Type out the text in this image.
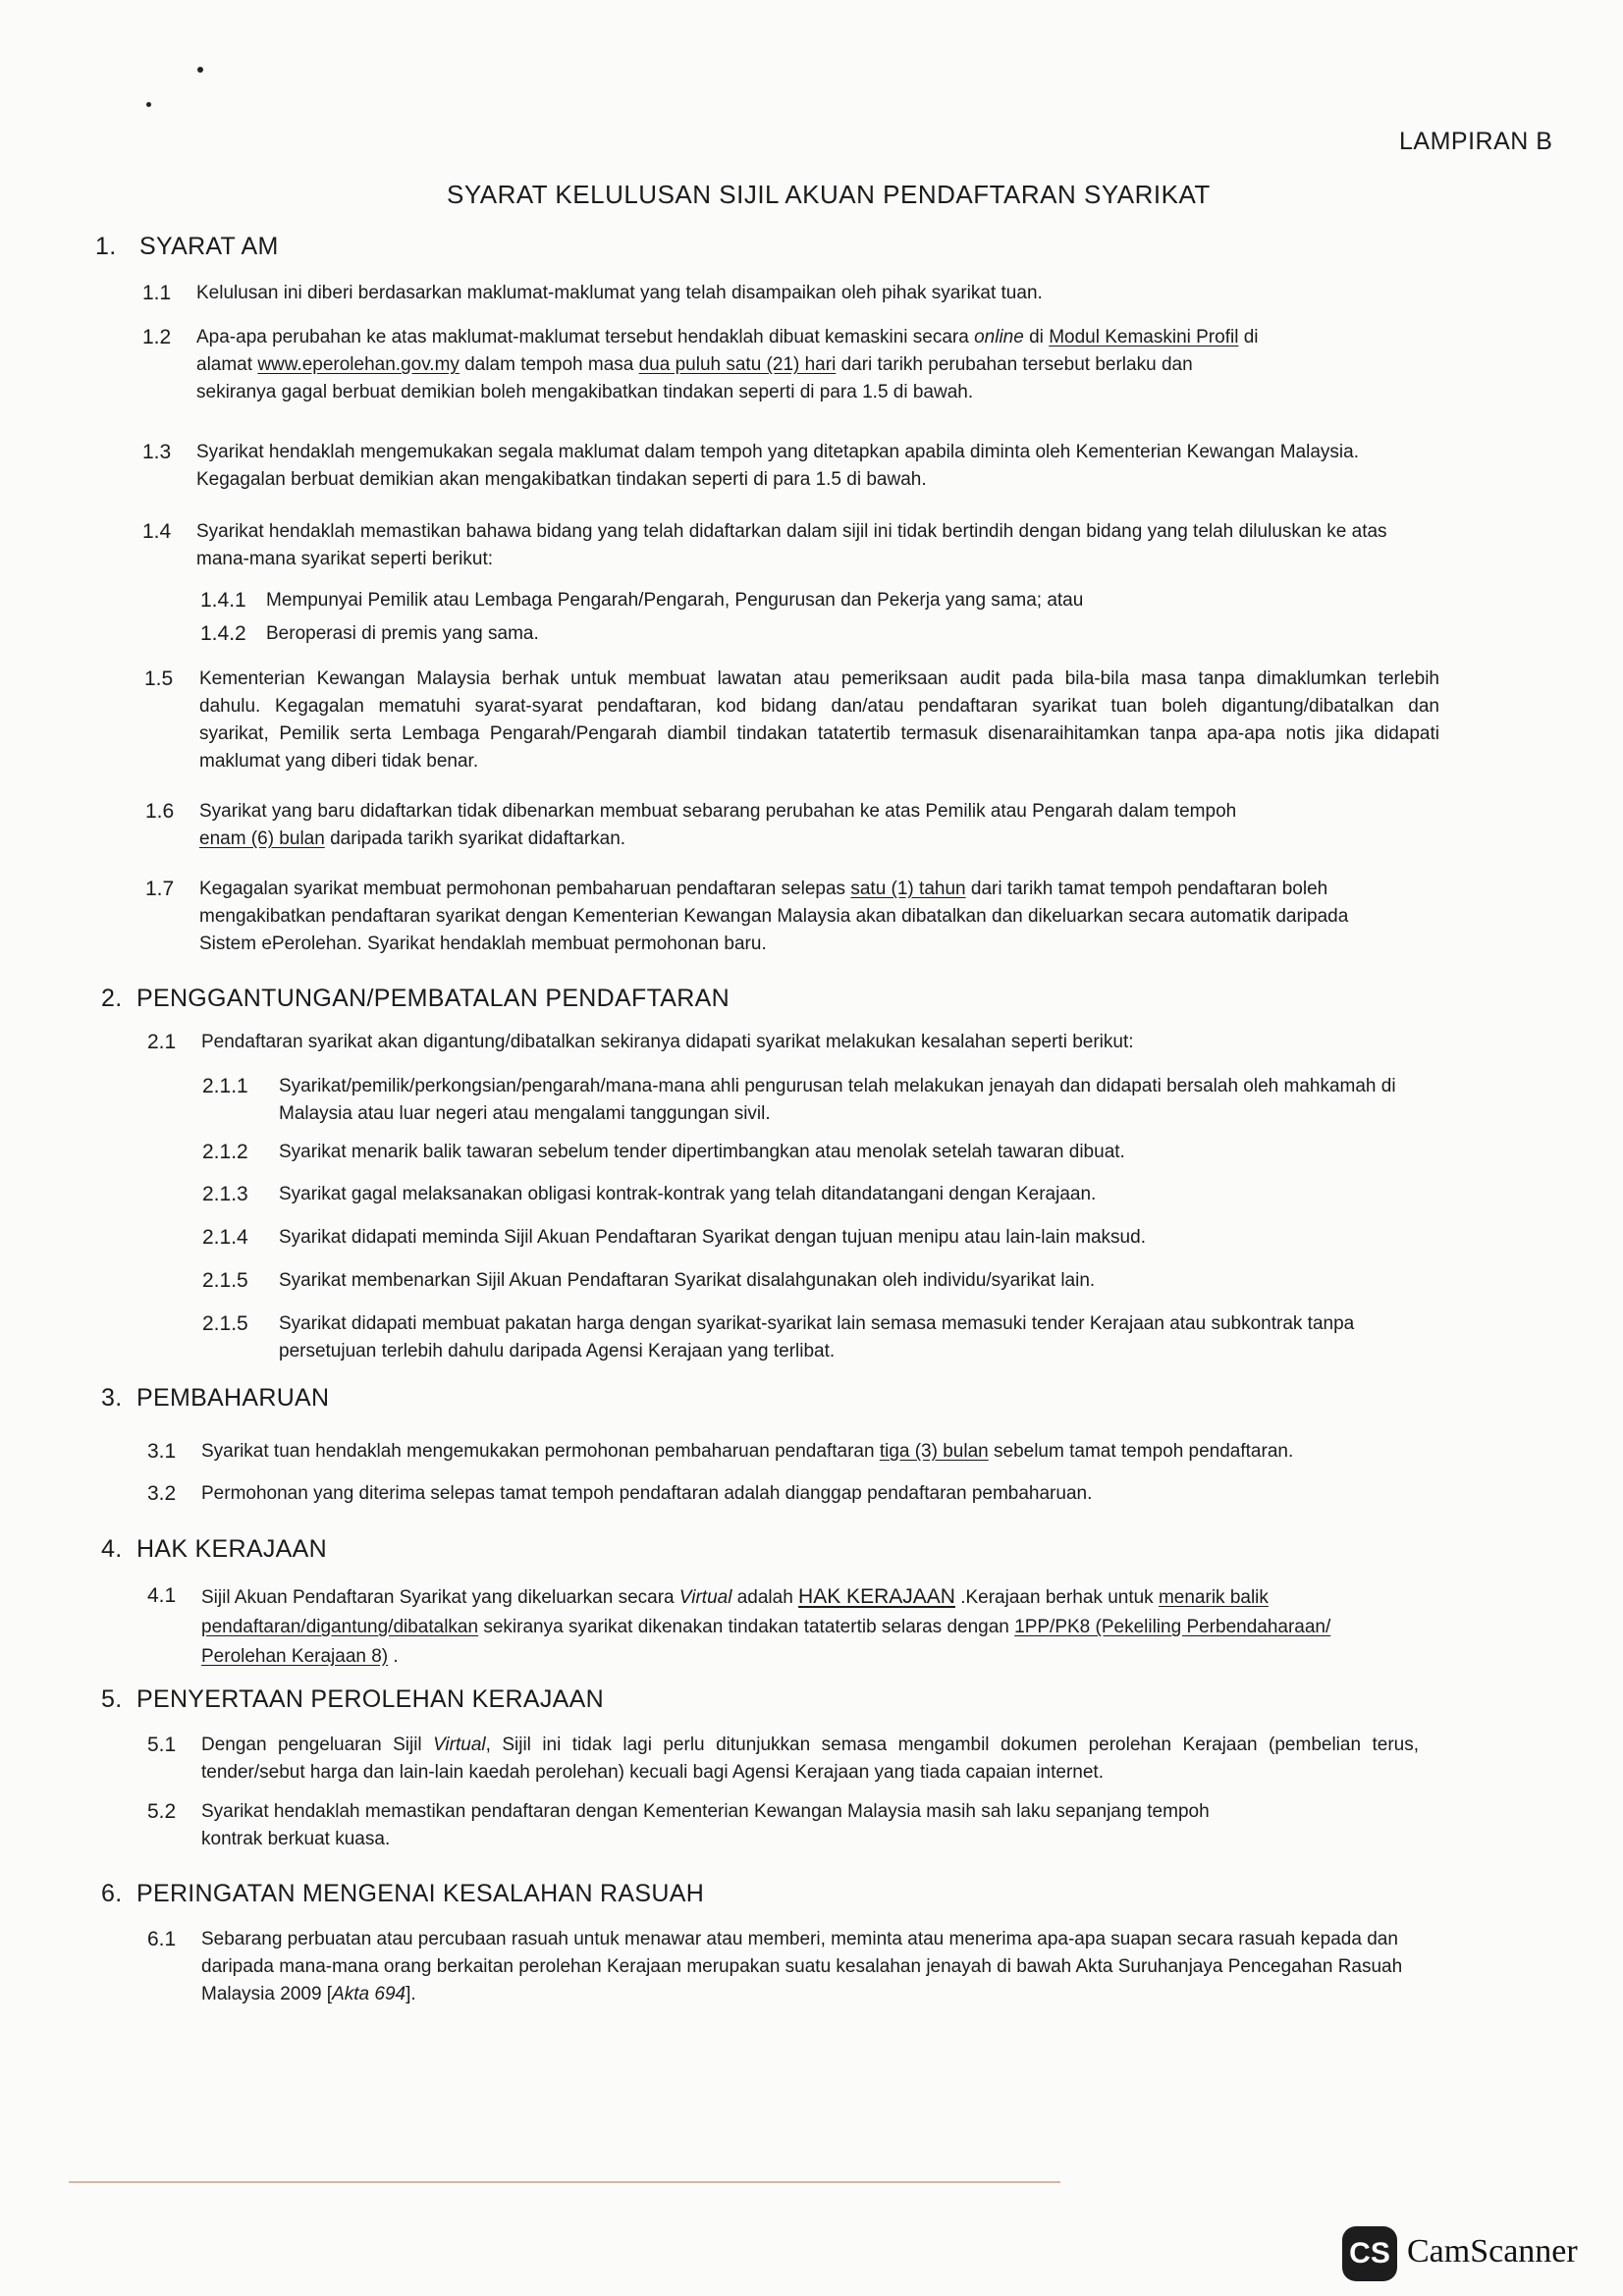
LAMPIRAN B
SYARAT KELULUSAN SIJIL AKUAN PENDAFTARAN SYARIKAT
1. SYARAT AM
1.1 Kelulusan ini diberi berdasarkan maklumat-maklumat yang telah disampaikan oleh pihak syarikat tuan.
1.2 Apa-apa perubahan ke atas maklumat-maklumat tersebut hendaklah dibuat kemaskini secara online di Modul Kemaskini Profil di
alamat www.eperolehan.gov.my dalam tempoh masa dua puluh satu (21) hari dari tarikh perubahan tersebut berlaku dan
sekiranya gagal berbuat demikian boleh mengakibatkan tindakan seperti di para 1.5 di bawah.
1.3 Syarikat hendaklah mengemukakan segala maklumat dalam tempoh yang ditetapkan apabila diminta oleh Kementerian Kewangan Malaysia.
Kegagalan berbuat demikian akan mengakibatkan tindakan seperti di para 1.5 di bawah.
1.4 Syarikat hendaklah memastikan bahawa bidang yang telah didaftarkan dalam sijil ini tidak bertindih dengan bidang yang telah diluluskan ke atas
mana-mana syarikat seperti berikut:
1.4.1 Mempunyai Pemilik atau Lembaga Pengarah/Pengarah, Pengurusan dan Pekerja yang sama; atau
1.4.2 Beroperasi di premis yang sama.
1.5 Kementerian Kewangan Malaysia berhak untuk membuat lawatan atau pemeriksaan audit pada bila-bila masa tanpa dimaklumkan terlebih
dahulu. Kegagalan mematuhi syarat-syarat pendaftaran, kod bidang dan/atau pendaftaran syarikat tuan boleh digantung/dibatalkan dan
syarikat, Pemilik serta Lembaga Pengarah/Pengarah diambil tindakan tatatertib termasuk disenaraihitamkan tanpa apa-apa notis jika didapati
maklumat yang diberi tidak benar.
1.6 Syarikat yang baru didaftarkan tidak dibenarkan membuat sebarang perubahan ke atas Pemilik atau Pengarah dalam tempoh
enam (6) bulan daripada tarikh syarikat didaftarkan.
1.7 Kegagalan syarikat membuat permohonan pembaharuan pendaftaran selepas satu (1) tahun dari tarikh tamat tempoh pendaftaran boleh
mengakibatkan pendaftaran syarikat dengan Kementerian Kewangan Malaysia akan dibatalkan dan dikeluarkan secara automatik daripada
Sistem ePerolehan. Syarikat hendaklah membuat permohonan baru.
2. PENGGANTUNGAN/PEMBATALAN PENDAFTARAN
2.1 Pendaftaran syarikat akan digantung/dibatalkan sekiranya didapati syarikat melakukan kesalahan seperti berikut:
2.1.1 Syarikat/pemilik/perkongsian/pengarah/mana-mana ahli pengurusan telah melakukan jenayah dan didapati bersalah oleh mahkamah di
Malaysia atau luar negeri atau mengalami tanggungan sivil.
2.1.2 Syarikat menarik balik tawaran sebelum tender dipertimbangkan atau menolak setelah tawaran dibuat.
2.1.3 Syarikat gagal melaksanakan obligasi kontrak-kontrak yang telah ditandatangani dengan Kerajaan.
2.1.4 Syarikat didapati meminda Sijil Akuan Pendaftaran Syarikat dengan tujuan menipu atau lain-lain maksud.
2.1.5 Syarikat membenarkan Sijil Akuan Pendaftaran Syarikat disalahgunakan oleh individu/syarikat lain.
2.1.5 Syarikat didapati membuat pakatan harga dengan syarikat-syarikat lain semasa memasuki tender Kerajaan atau subkontrak tanpa
persetujuan terlebih dahulu daripada Agensi Kerajaan yang terlibat.
3. PEMBAHARUAN
3.1 Syarikat tuan hendaklah mengemukakan permohonan pembaharuan pendaftaran tiga (3) bulan sebelum tamat tempoh pendaftaran.
3.2 Permohonan yang diterima selepas tamat tempoh pendaftaran adalah dianggap pendaftaran pembaharuan.
4. HAK KERAJAAN
4.1 Sijil Akuan Pendaftaran Syarikat yang dikeluarkan secara Virtual adalah HAK KERAJAAN .Kerajaan berhak untuk menarik balik
pendaftaran/digantung/dibatalkan sekiranya syarikat dikenakan tindakan tatatertib selaras dengan 1PP/PK8 (Pekeliling Perbendaharaan/
Perolehan Kerajaan 8) .
5. PENYERTAAN PEROLEHAN KERAJAAN
5.1 Dengan pengeluaran Sijil Virtual, Sijil ini tidak lagi perlu ditunjukkan semasa mengambil dokumen perolehan Kerajaan (pembelian terus,
tender/sebut harga dan lain-lain kaedah perolehan) kecuali bagi Agensi Kerajaan yang tiada capaian internet.
5.2 Syarikat hendaklah memastikan pendaftaran dengan Kementerian Kewangan Malaysia masih sah laku sepanjang tempoh
kontrak berkuat kuasa.
6. PERINGATAN MENGENAI KESALAHAN RASUAH
6.1 Sebarang perbuatan atau percubaan rasuah untuk menawar atau memberi, meminta atau menerima apa-apa suapan secara rasuah kepada dan
daripada mana-mana orang berkaitan perolehan Kerajaan merupakan suatu kesalahan jenayah di bawah Akta Suruhanjaya Pencegahan Rasuah
Malaysia 2009 [Akta 694].
CS CamScanner
